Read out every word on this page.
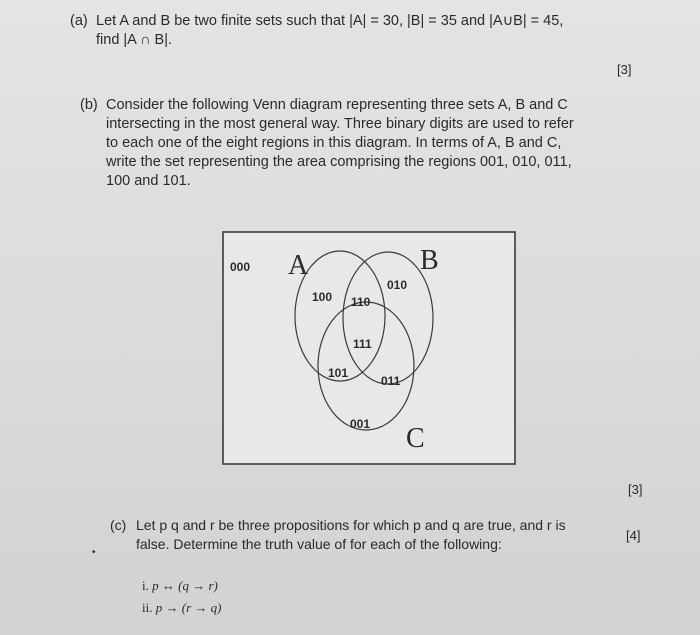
(a) Let A and B be two finite sets such that |A| = 30, |B| = 35 and |A∪B| = 45,
find |A ∩ B|.
[3]
(b) Consider the following Venn diagram representing three sets A, B and C
intersecting in the most general way. Three binary digits are used to refer
to each one of the eight regions in this diagram. In terms of A, B and C,
write the set representing the area comprising the regions 001, 010, 011,
100 and 101.
A	B
C
000
100
010
110
111
101
011
001
[3]
•
(c) Let p q and r be three propositions for which p and q are true, and r is
false. Determine the truth value of for each of the following:
[4]
i. p ↔ (q → r)
ii. p → (r → q)
